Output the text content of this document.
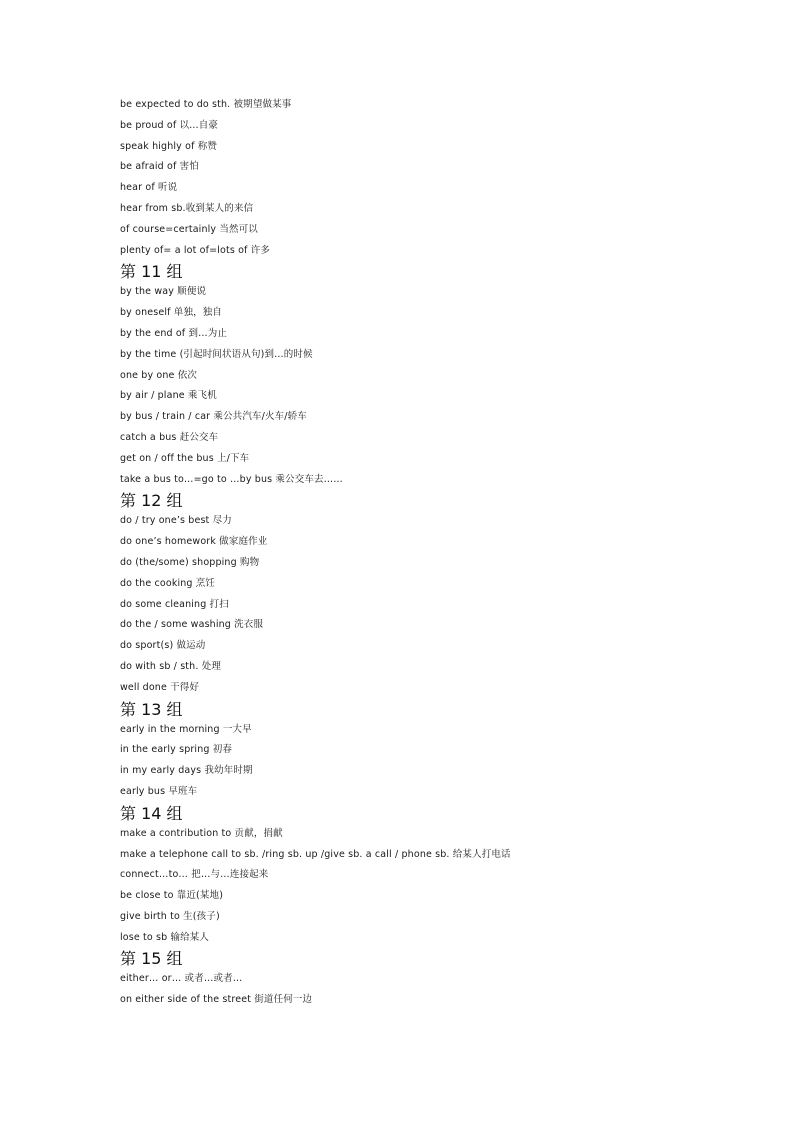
be expected to do sth. 被期望做某事
be proud of 以…自豪
speak highly of 称赞
be afraid of 害怕
hear of 听说
hear from sb.收到某人的来信
of course=certainly 当然可以
plenty of= a lot of=lots of 许多
第 11 组
by the way 顺便说
by oneself 单独，独自
by the end of 到…为止
by the time (引起时间状语从句)到…的时候
one by one 依次
by air / plane 乘飞机
by bus / train / car 乘公共汽车/火车/轿车
catch a bus 赶公交车
get on / off the bus 上/下车
take a bus to…=go to …by bus 乘公交车去……
第 12 组
do / try one’s best 尽力
do one’s homework 做家庭作业
do (the/some) shopping 购物
do the cooking 烹饪
do some cleaning 打扫
do the / some washing 洗衣服
do sport(s) 做运动
do with sb / sth. 处理
well done 干得好
第 13 组
early in the morning 一大早
in the early spring 初春
in my early days 我幼年时期
early bus 早班车
第 14 组
make a contribution to 贡献，捐献
make a telephone call to sb. /ring sb. up /give sb. a call / phone sb. 给某人打电话
connect…to… 把…与…连接起来
be close to 靠近(某地)
give birth to 生(孩子)
lose to sb 输给某人
第 15 组
either… or… 或者…或者…
on either side of the street 街道任何一边
